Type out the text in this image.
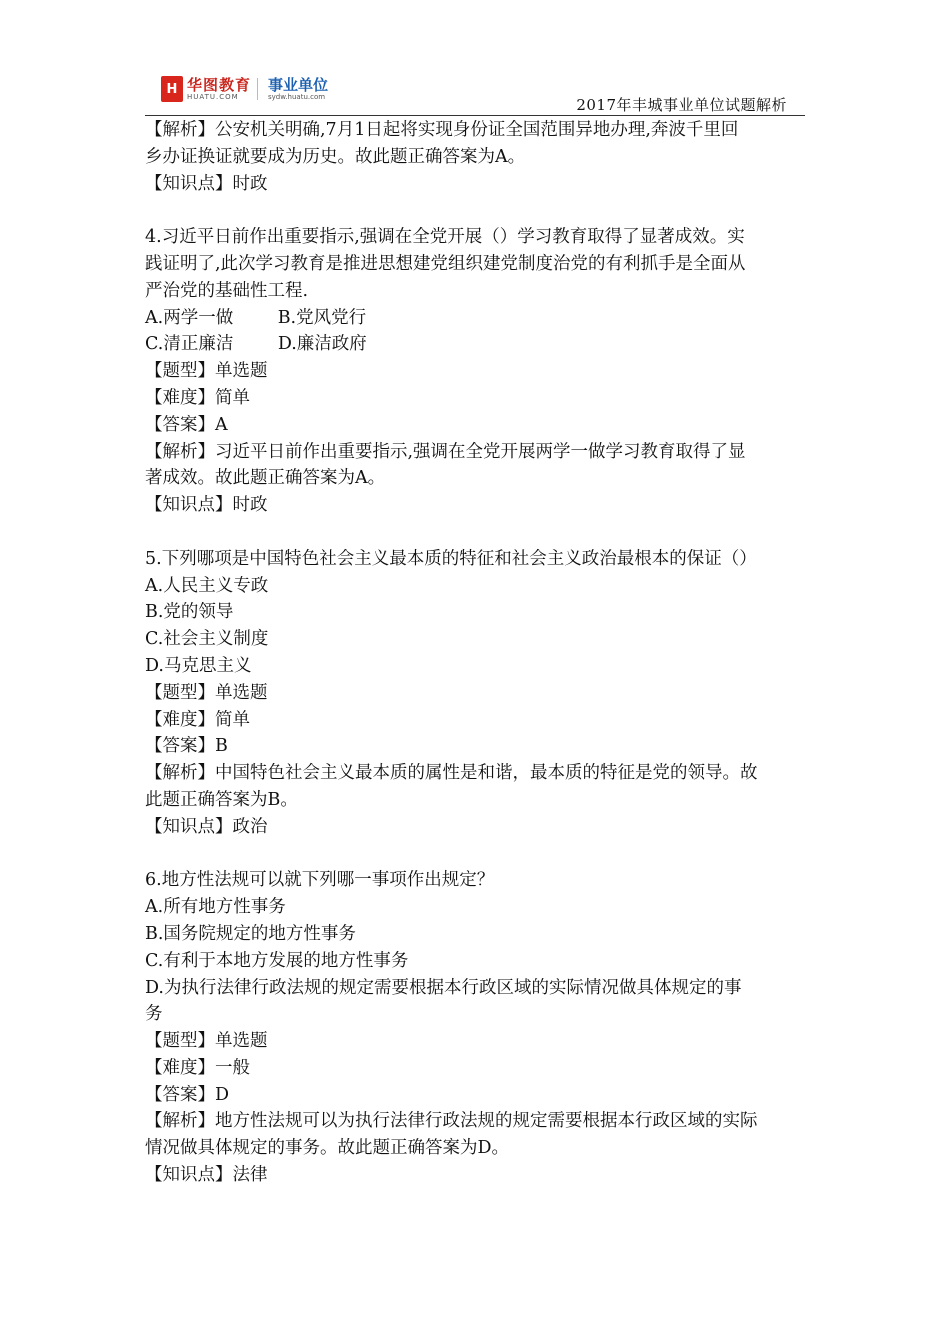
H 华图教育
HUATU.COM
事业单位
sydw.huatu.com	2017年丰城事业单位试题解析
【解析】公安机关明确,7月1日起将实现身份证全国范围异地办理,奔波千里回
乡办证换证就要成为历史。故此题正确答案为A。
【知识点】时政
4.习近平日前作出重要指示,强调在全党开展（）学习教育取得了显著成效。实
践证明了,此次学习教育是推进思想建党组织建党制度治党的有利抓手是全面从
严治党的基础性工程.
A.两学一做        B.党风党行
C.清正廉洁        D.廉洁政府
【题型】单选题
【难度】简单
【答案】A
【解析】习近平日前作出重要指示,强调在全党开展两学一做学习教育取得了显
著成效。故此题正确答案为A。
【知识点】时政
5.下列哪项是中国特色社会主义最本质的特征和社会主义政治最根本的保证（）
A.人民主义专政
B.党的领导
C.社会主义制度
D.马克思主义
【题型】单选题
【难度】简单
【答案】B
【解析】中国特色社会主义最本质的属性是和谐，最本质的特征是党的领导。故
此题正确答案为B。
【知识点】政治
6.地方性法规可以就下列哪一事项作出规定？
A.所有地方性事务
B.国务院规定的地方性事务
C.有利于本地方发展的地方性事务
D.为执行法律行政法规的规定需要根据本行政区域的实际情况做具体规定的事
务
【题型】单选题
【难度】一般
【答案】D
【解析】地方性法规可以为执行法律行政法规的规定需要根据本行政区域的实际
情况做具体规定的事务。故此题正确答案为D。
【知识点】法律
